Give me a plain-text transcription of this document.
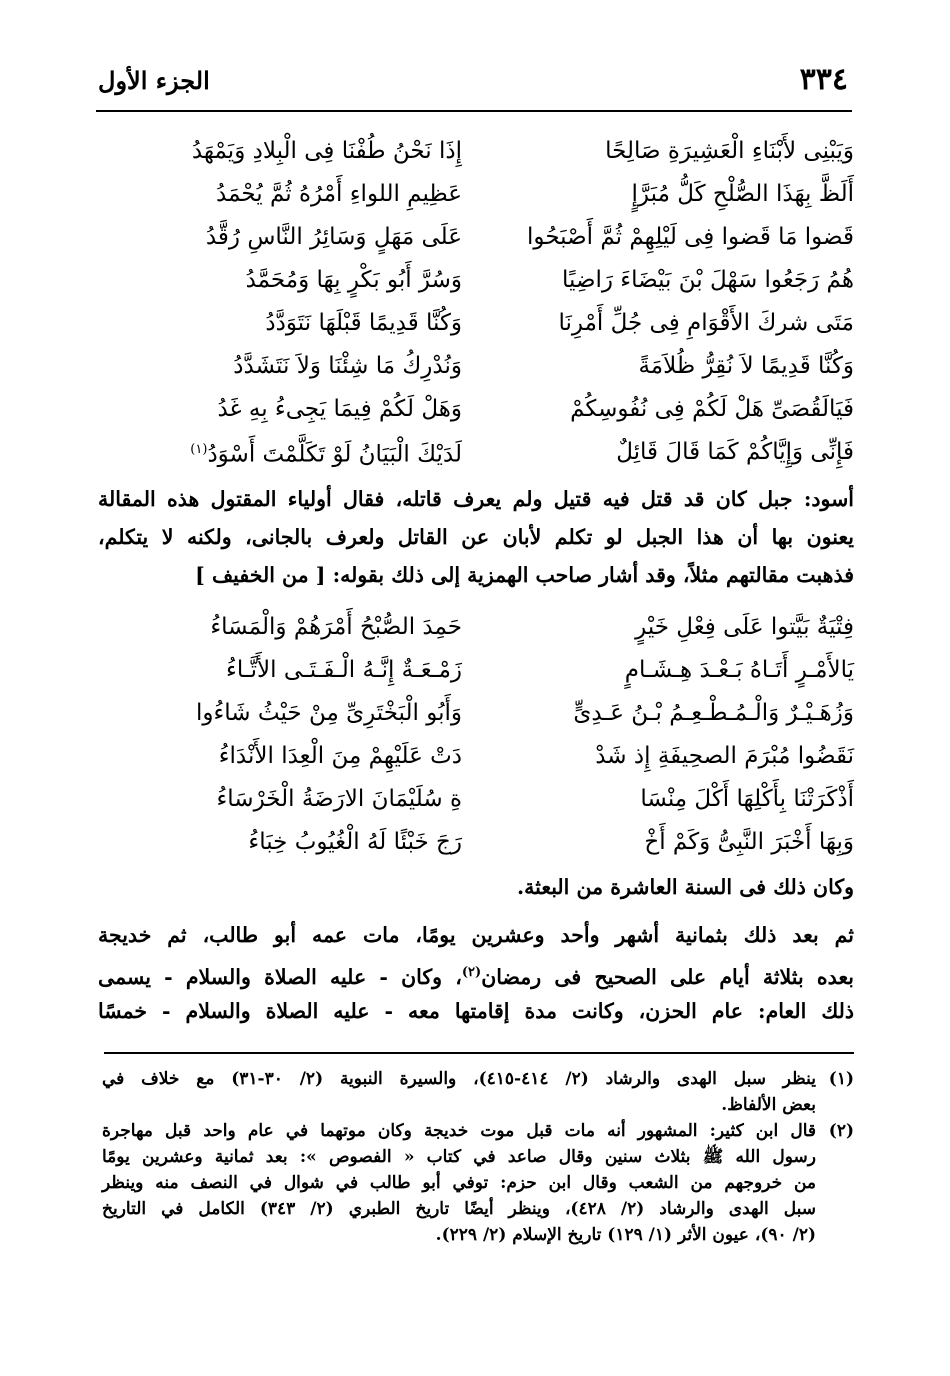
٣٣٤
الجزء الأول
وَيَبْنِى لأَبْنَاءِ الْعَشِيرَةِ صَالِحًا
إِذَا نَحْنُ طُفْنَا فِى الْبِلادِ وَيَمْهَدُ
أَلَظَّ بِهَذَا الصُّلْحِ كَلُّ مُبَرَّإٍ
عَظِيمِ اللواءِ أَمْرُهُ ثُمَّ يُحْمَدُ
قَضوا مَا قَضوا فِى لَيْلِهِمْ ثُمَّ أَصْبَحُوا
عَلَى مَهَلٍ وَسَائِرُ النَّاسِ رُقَّدُ
هُمُ رَجَعُوا سَهْلَ بْنَ بَيْضَاءَ رَاضِيًا
وَسُرَّ أَبُو بَكْرٍ بِهَا وَمُحَمَّدُ
مَتَى شركَ الأَقْوَامِ فِى جُلِّ أَمْرِنَا
وَكُنَّا قَدِيمًا قَبْلَهَا نَتَوَدَّدُ
وَكُنَّا قَدِيمًا لاَ نُقِرُّ ظُلاَمَةً
وَنُدْرِكُ مَا شِئْنَا وَلاَ نَتَشَدَّدُ
فَيَالَقُصَىِّ هَلْ لَكُمْ فِى نُفُوسِكُمْ
وَهَلْ لَكُمْ فِيمَا يَجِىءُ بِهِ غَدُ
فَإِنِّى وَإِيَّاكُمْ كَمَا قَالَ قَائِلٌ
لَدَيْكَ الْبَيَانُ لَوْ تَكَلَّمْتَ أَسْوَدُ$^{(١)}$
أسود: جبل كان قد قتل فيه قتيل ولم يعرف قاتله، فقال أولياء المقتول هذه المقالة
يعنون بها أن هذا الجبل لو تكلم لأبان عن القاتل ولعرف بالجانى، ولكنه لا يتكلم،
فذهبت مقالتهم مثلاً، وقد أشار صاحب الهمزية إلى ذلك بقوله: [ من الخفيف ]
فِتْيَةٌ بَيَّتوا عَلَى فِعْلِ خَيْرٍ
حَمِدَ الصُّبْحُ أَمْرَهُمْ وَالْمَسَاءُ
يَالأَمْـرٍ أَتَـاهُ بَـعْـدَ هِـشَـامٍ
زَمْـعَـةٌ إِنَّـهُ الْـفَـتَـى الأَتَّـاءُ
وَزُهَـيْـرٌ وَالْـمُـطْـعِـمُ بْـنُ عَـدِىٍّ
وَأَبُو الْبَخْتَرِىِّ مِنْ حَيْثُ شَاءُوا
نَقَضُوا مُبْرَمَ الصحِيفَةِ إِذ شَدْ
دَتْ عَلَيْهِمْ مِنَ الْعِدَا الأَنْدَاءُ
أَذْكَرَتْنَا بِأَكْلِهَا أَكْلَ مِنْسَا
ةِ سُلَيْمَانَ الارَضَةُ الْخَرْسَاءُ
وَبِهَا أَخْبَرَ النَّبِىُّ وَكَمْ أَخْ
رَجَ خَبْئًا لَهُ الْغُيُوبُ خِبَاءُ
وكان ذلك فى السنة العاشرة من البعثة.
ثم بعد ذلك بثمانية أشهر وأحد وعشرين يومًا، مات عمه أبو طالب، ثم خديجة
بعده بثلاثة أيام على الصحيح فى رمضان$^{(٢)}$، وكان - عليه الصلاة والسلام - يسمى
ذلك العام: عام الحزن، وكانت مدة إقامتها معه - عليه الصلاة والسلام - خمسًا
(١)
ينظر سبل الهدى والرشاد (٢/ ٤١٤-٤١٥)، والسيرة النبوية (٢/ ٣٠-٣١) مع خلاف في
بعض الألفاظ.
(٢)
قال ابن كثير: المشهور أنه مات قبل موت خديجة وكان موتهما في عام واحد قبل مهاجرة
رسول الله ﷺ بثلاث سنين وقال صاعد في كتاب « الفصوص »: بعد ثمانية وعشرين يومًا
من خروجهم من الشعب وقال ابن حزم: توفي أبو طالب في شوال في النصف منه وينظر
سبل الهدى والرشاد (٢/ ٤٢٨)، وينظر أيضًا تاريخ الطبري (٢/ ٣٤٣) الكامل في التاريخ
(٢/ ٩٠)، عيون الأثر (١/ ١٢٩) تاريخ الإسلام (٢/ ٢٢٩).
